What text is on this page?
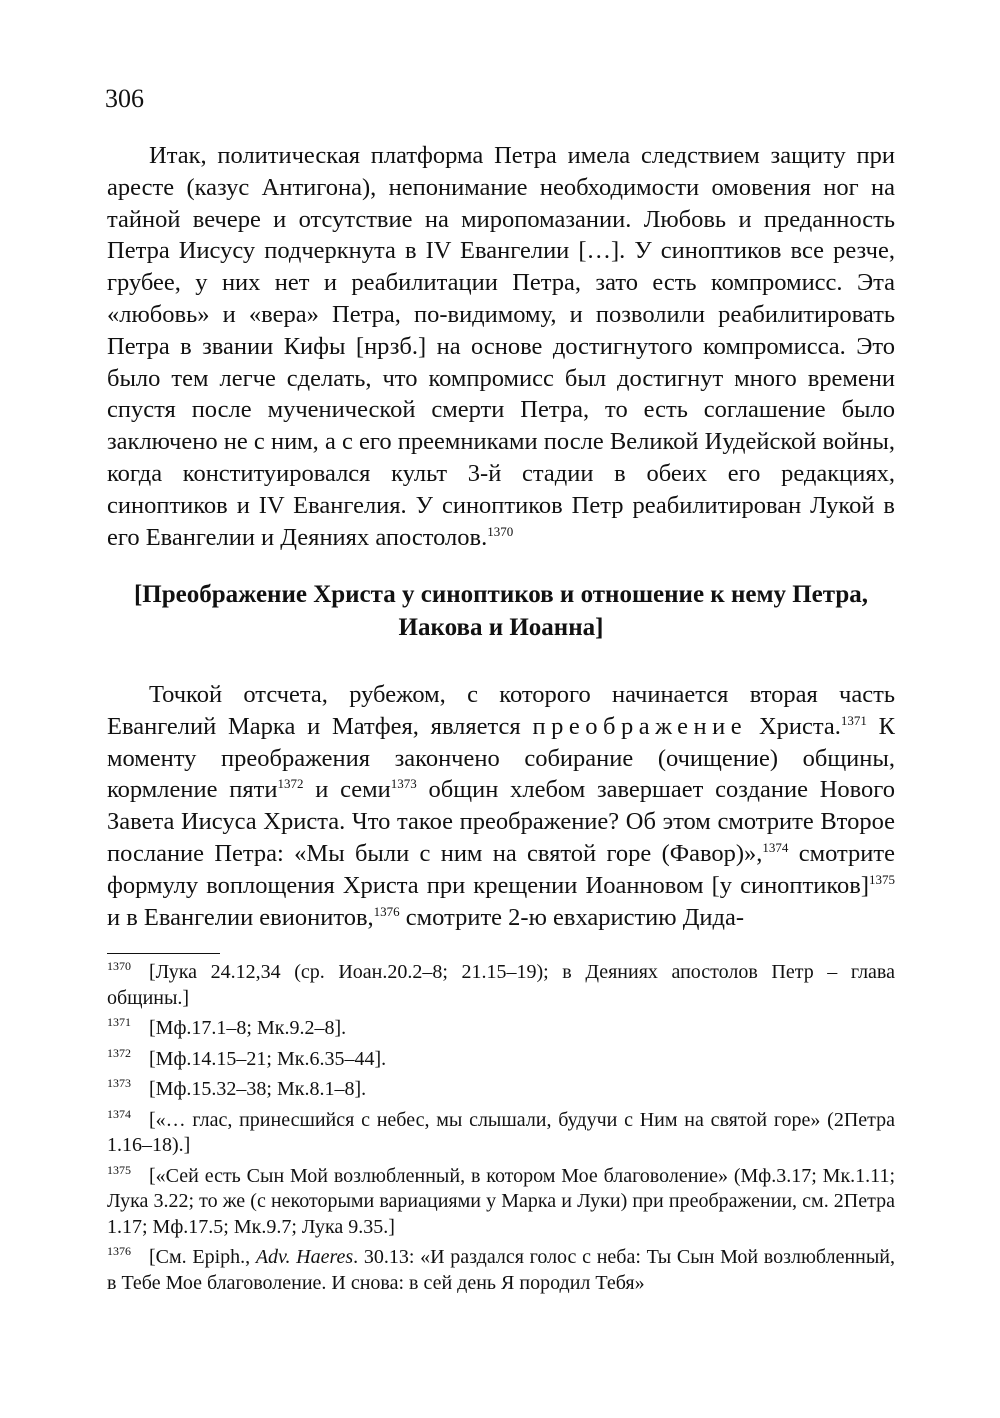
306

Итак, политическая платформа Петра имела следствием защиту при аресте (казус Антигона), непонимание необходимости омовения ног на тайной вечере и отсутствие на миропомазании. Любовь и преданность Петра Иисусу подчеркнута в IV Евангелии […]. У синоптиков все резче, грубее, у них нет и реабилитации Петра, зато есть компромисс. Эта «любовь» и «вера» Петра, по-видимому, и позволили реабилитировать Петра в звании Кифы [нрзб.] на основе достигнутого компромисса. Это было тем легче сделать, что компромисс был достигнут много времени спустя после мученической смерти Петра, то есть соглашение было заключено не с ним, а с его преемниками после Великой Иудейской войны, когда конституировался культ 3-й стадии в обеих его редакциях, синоптиков и IV Евангелия. У синоптиков Петр реабилитирован Лукой в его Евангелии и Деяниях апостолов.$^{1370}$

[Преображение Христа у синоптиков и отношение к нему Петра,
Иакова и Иоанна]

Точкой отсчета, рубежом, с которого начинается вторая часть Евангелий Марка и Матфея, является преображение Христа.$^{1371}$ К моменту преображения закончено собирание (очищение) общины, кормление пяти$^{1372}$ и семи$^{1373}$ общин хлебом завершает создание Нового Завета Иисуса Христа. Что такое преображение? Об этом смотрите Второе послание Петра: «Мы были с ним на святой горе (Фавор)»,$^{1374}$ смотрите формулу воплощения Христа при крещении Иоанновом [у синоптиков]$^{1375}$ и в Евангелии евионитов,$^{1376}$ смотрите 2-ю евхаристию Дида-

$^{1370}$ [Лука 24.12,34 (ср. Иоан.20.2–8; 21.15–19); в Деяниях апостолов Петр – глава общины.]

$^{1371}$ [Мф.17.1–8; Мк.9.2–8].

$^{1372}$ [Мф.14.15–21; Мк.6.35–44].

$^{1373}$ [Мф.15.32–38; Мк.8.1–8].

$^{1374}$ [«… глас, принесшийся с небес, мы слышали, будучи с Ним на святой горе» (2Петра 1.16–18).]

$^{1375}$ [«Сей есть Сын Мой возлюбленный, в котором Мое благоволение» (Мф.3.17; Мк.1.11; Лука 3.22; то же (с некоторыми вариациями у Марка и Луки) при преображении, см. 2Петра 1.17; Мф.17.5; Мк.9.7; Лука 9.35.]

$^{1376}$ [См. Epiph., Adv. Haeres. 30.13: «И раздался голос с неба: Ты Сын Мой возлюбленный, в Тебе Мое благоволение. И снова: в сей день Я породил Тебя»
